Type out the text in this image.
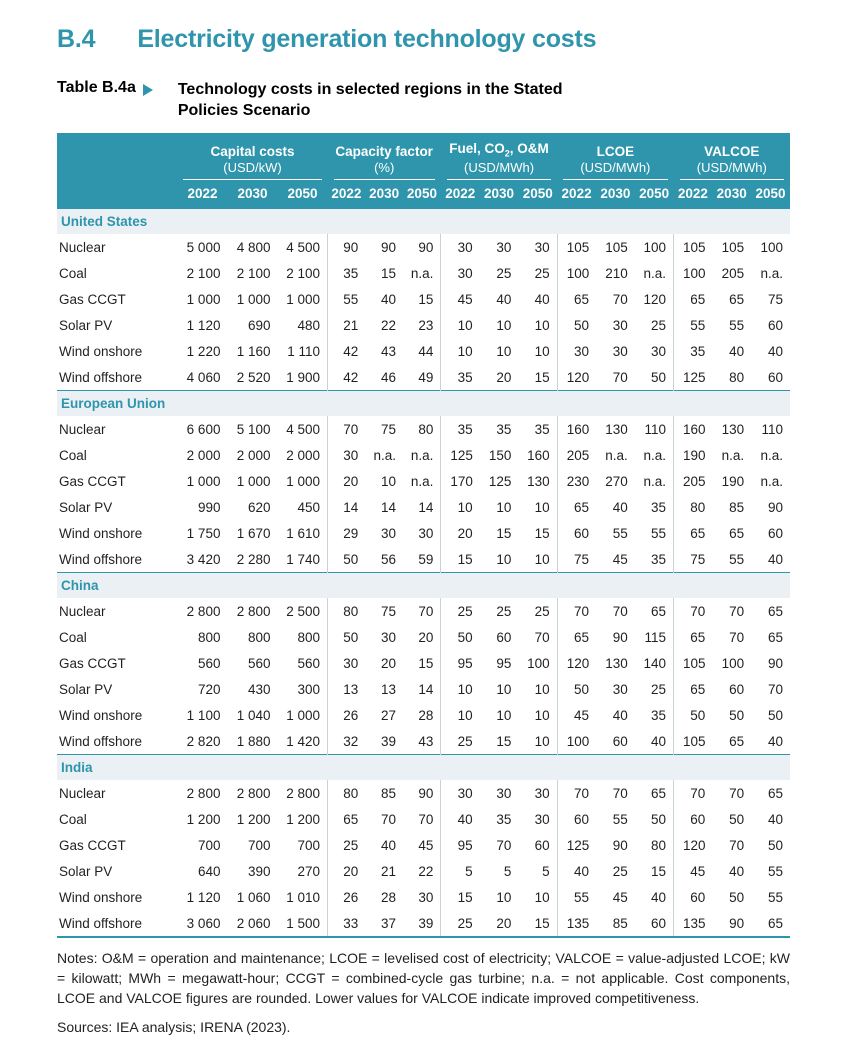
B.4 Electricity generation technology costs
Table B.4a	Technology costs in selected regions in the Stated Policies Scenario

	Capital costs
(USD/kW)			Capacity factor
(%)			Fuel, $CO_2$, O&M
(USD/MWh)			LCOE
(USD/MWh)			VALCOE
(USD/MWh)		

	2022	2030	2050	2022	2030	2050	2022	2030	2050	2022	2030	2050	2022	2030	2050
United States															
Nuclear	5 000	4 800	4 500	90	90	90	30	30	30	105	105	100	105	105	100
Coal	2 100	2 100	2 100	35	15	n.a.	30	25	25	100	210	n.a.	100	205	n.a.
Gas CCGT	1 000	1 000	1 000	55	40	15	45	40	40	65	70	120	65	65	75
Solar PV	1 120	690	480	21	22	23	10	10	10	50	30	25	55	55	60
Wind onshore	1 220	1 160	1 110	42	43	44	10	10	10	30	30	30	35	40	40
Wind offshore	4 060	2 520	1 900	42	46	49	35	20	15	120	70	50	125	80	60
European Union															
Nuclear	6 600	5 100	4 500	70	75	80	35	35	35	160	130	110	160	130	110
Coal	2 000	2 000	2 000	30	n.a.	n.a.	125	150	160	205	n.a.	n.a.	190	n.a.	n.a.
Gas CCGT	1 000	1 000	1 000	20	10	n.a.	170	125	130	230	270	n.a.	205	190	n.a.
Solar PV	990	620	450	14	14	14	10	10	10	65	40	35	80	85	90
Wind onshore	1 750	1 670	1 610	29	30	30	20	15	15	60	55	55	65	65	60
Wind offshore	3 420	2 280	1 740	50	56	59	15	10	10	75	45	35	75	55	40
China															
Nuclear	2 800	2 800	2 500	80	75	70	25	25	25	70	70	65	70	70	65
Coal	800	800	800	50	30	20	50	60	70	65	90	115	65	70	65
Gas CCGT	560	560	560	30	20	15	95	95	100	120	130	140	105	100	90
Solar PV	720	430	300	13	13	14	10	10	10	50	30	25	65	60	70
Wind onshore	1 100	1 040	1 000	26	27	28	10	10	10	45	40	35	50	50	50
Wind offshore	2 820	1 880	1 420	32	39	43	25	15	10	100	60	40	105	65	40
India															
Nuclear	2 800	2 800	2 800	80	85	90	30	30	30	70	70	65	70	70	65
Coal	1 200	1 200	1 200	65	70	70	40	35	30	60	55	50	60	50	40
Gas CCGT	700	700	700	25	40	45	95	70	60	125	90	80	120	70	50
Solar PV	640	390	270	20	21	22	5	5	5	40	25	15	45	40	55
Wind onshore	1 120	1 060	1 010	26	28	30	15	10	10	55	45	40	60	50	55
Wind offshore	3 060	2 060	1 500	33	37	39	25	20	15	135	85	60	135	90	65
Notes: O&M = operation and maintenance; LCOE = levelised cost of electricity; VALCOE = value-adjusted LCOE; kW = kilowatt; MWh = megawatt-hour; CCGT = combined-cycle gas turbine; n.a. = not applicable. Cost components, LCOE and VALCOE figures are rounded. Lower values for VALCOE indicate improved competitiveness.
Sources: IEA analysis; IRENA (2023).
